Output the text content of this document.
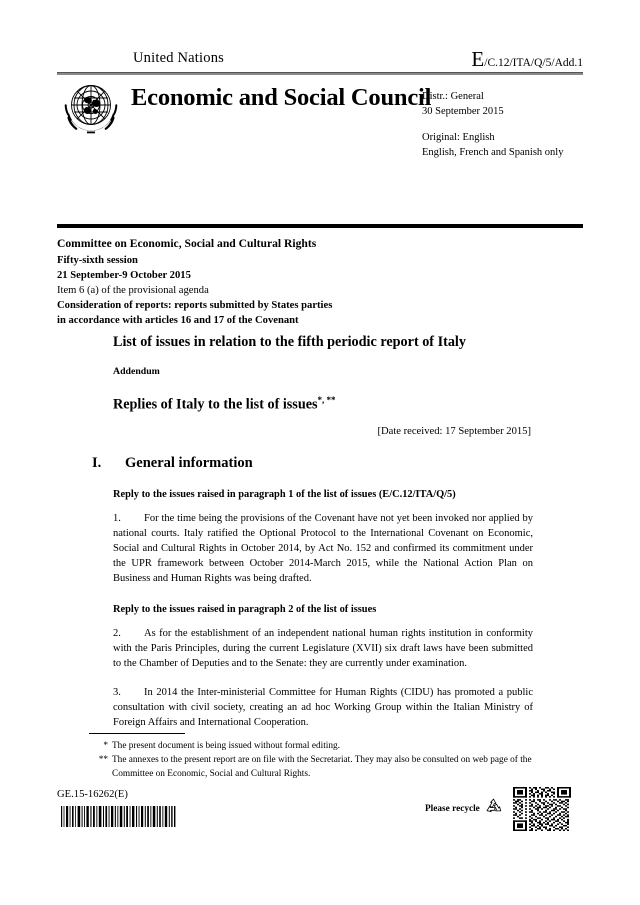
United Nations	E/C.12/ITA/Q/5/Add.1
Economic and Social Council
Distr.: General
30 September 2015
Original: English
English, French and Spanish only
Committee on Economic, Social and Cultural Rights
Fifty-sixth session
21 September-9 October 2015
Item 6 (a) of the provisional agenda
Consideration of reports: reports submitted by States parties
in accordance with articles 16 and 17 of the Covenant
List of issues in relation to the fifth periodic report of Italy
Addendum
Replies of Italy to the list of issues*, **
[Date received: 17 September 2015]
I. General information
Reply to the issues raised in paragraph 1 of the list of issues (E/C.12/ITA/Q/5)

1. For the time being the provisions of the Covenant have not yet been invoked nor applied by national courts. Italy ratified the Optional Protocol to the International Covenant on Economic, Social and Cultural Rights in October 2014, by Act No. 152 and confirmed its commitment under the UPR framework between October 2014-March 2015, while the National Action Plan on Business and Human Rights was being drafted.

Reply to the issues raised in paragraph 2 of the list of issues

2. As for the establishment of an independent national human rights institution in conformity with the Paris Principles, during the current Legislature (XVII) six draft laws have been submitted to the Chamber of Deputies and to the Senate: they are currently under examination.

3. In 2014 the Inter-ministerial Committee for Human Rights (CIDU) has promoted a public consultation with civil society, creating an ad hoc Working Group within the Italian Ministry of Foreign Affairs and International Cooperation.

* The present document is being issued without formal editing.
** The annexes to the present report are on file with the Secretariat. They may also be consulted on web page of the Committee on Economic, Social and Cultural Rights.
GE.15-16262(E)
Please recycle
